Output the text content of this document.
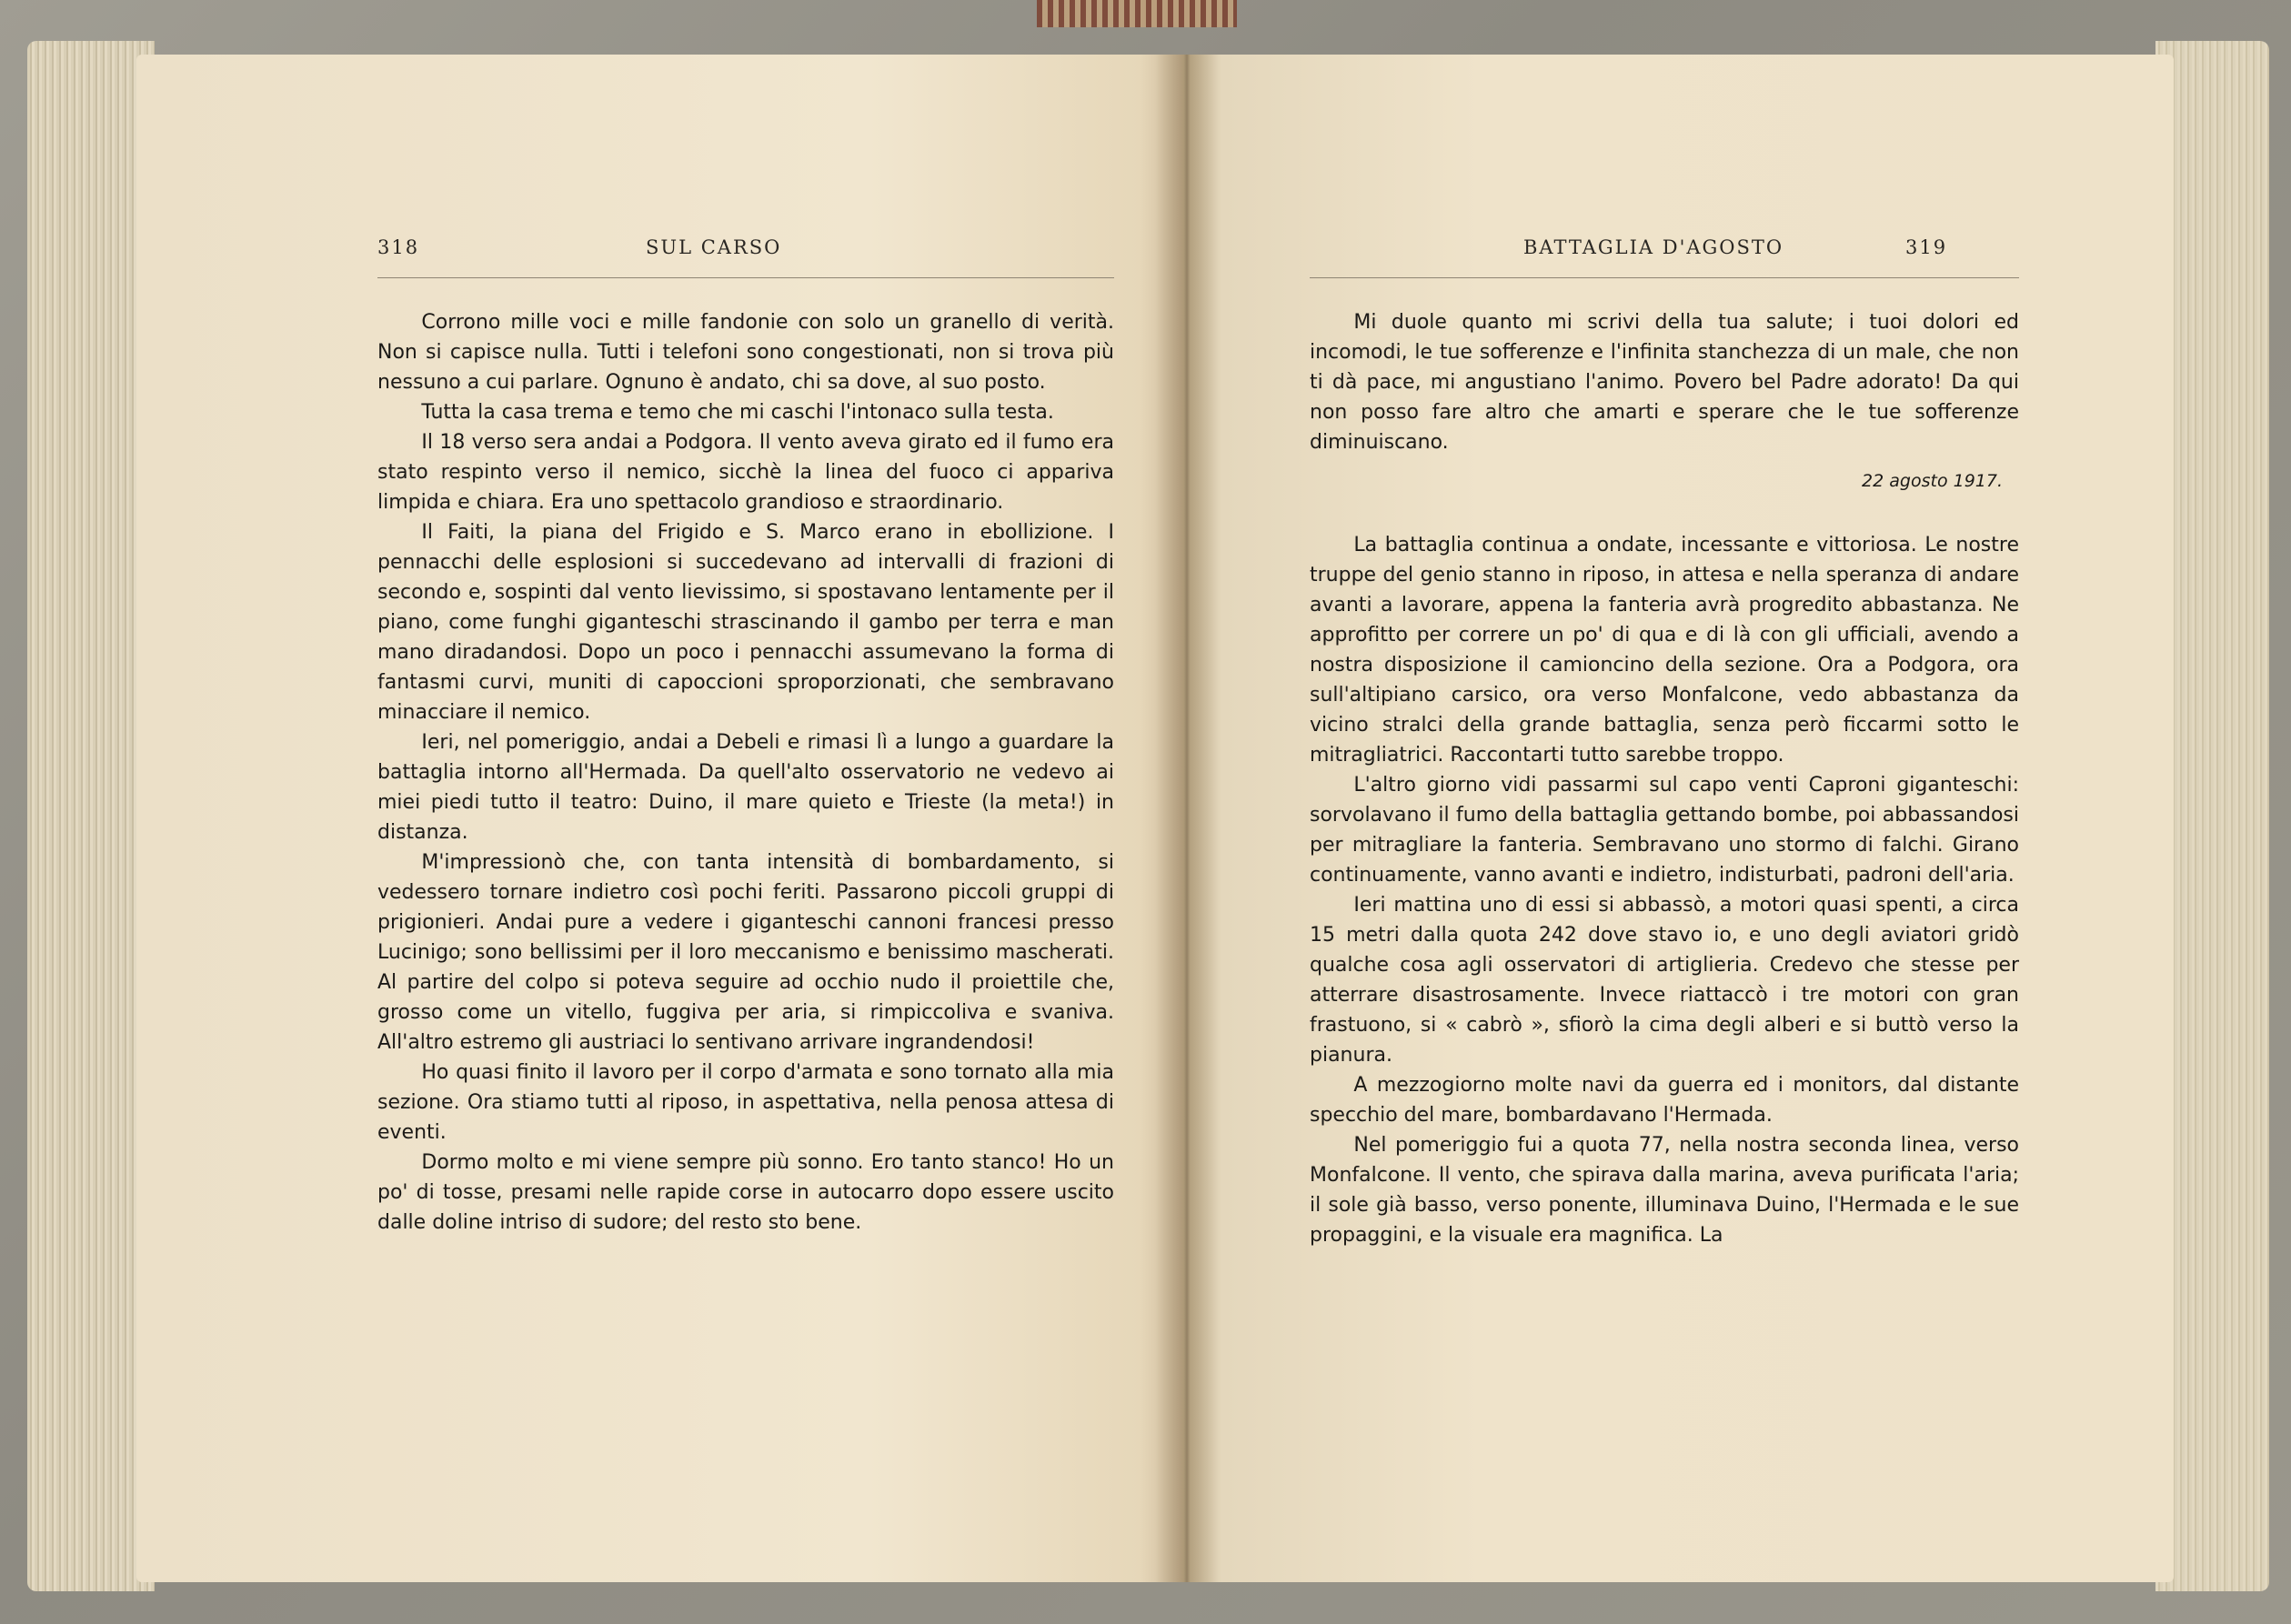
318	SUL CARSO

Corrono mille voci e mille fandonie con solo un granello di verità. Non si capisce nulla. Tutti i telefoni sono congestionati, non si trova più nessuno a cui parlare. Ognuno è andato, chi sa dove, al suo posto.

Tutta la casa trema e temo che mi caschi l'intonaco sulla testa.

Il 18 verso sera andai a Podgora. Il vento aveva girato ed il fumo era stato respinto verso il nemico, sicchè la linea del fuoco ci appariva limpida e chiara. Era uno spettacolo grandioso e straordinario.

Il Faiti, la piana del Frigido e S. Marco erano in ebollizione. I pennacchi delle esplosioni si succedevano ad intervalli di frazioni di secondo e, sospinti dal vento lievissimo, si spostavano lentamente per il piano, come funghi giganteschi strascinando il gambo per terra e man mano diradandosi. Dopo un poco i pennacchi assumevano la forma di fantasmi curvi, muniti di capoccioni sproporzionati, che sembravano minacciare il nemico.

Ieri, nel pomeriggio, andai a Debeli e rimasi lì a lungo a guardare la battaglia intorno all'Hermada. Da quell'alto osservatorio ne vedevo ai miei piedi tutto il teatro: Duino, il mare quieto e Trieste (la meta!) in distanza.

M'impressionò che, con tanta intensità di bombardamento, si vedessero tornare indietro così pochi feriti. Passarono piccoli gruppi di prigionieri. Andai pure a vedere i giganteschi cannoni francesi presso Lucinigo; sono bellissimi per il loro meccanismo e benissimo mascherati. Al partire del colpo si poteva seguire ad occhio nudo il proiettile che, grosso come un vitello, fuggiva per aria, si rimpiccoliva e svaniva. All'altro estremo gli austriaci lo sentivano arrivare ingrandendosi!

Ho quasi finito il lavoro per il corpo d'armata e sono tornato alla mia sezione. Ora stiamo tutti al riposo, in aspettativa, nella penosa attesa di eventi.

Dormo molto e mi viene sempre più sonno. Ero tanto stanco! Ho un po' di tosse, presami nelle rapide corse in autocarro dopo essere uscito dalle doline intriso di sudore; del resto sto bene.

BATTAGLIA D'AGOSTO	319

Mi duole quanto mi scrivi della tua salute; i tuoi dolori ed incomodi, le tue sofferenze e l'infinita stanchezza di un male, che non ti dà pace, mi angustiano l'animo. Povero bel Padre adorato! Da qui non posso fare altro che amarti e sperare che le tue sofferenze diminuiscano.

22 agosto 1917.

La battaglia continua a ondate, incessante e vittoriosa. Le nostre truppe del genio stanno in riposo, in attesa e nella speranza di andare avanti a lavorare, appena la fanteria avrà progredito abbastanza. Ne approfitto per correre un po' di qua e di là con gli ufficiali, avendo a nostra disposizione il camioncino della sezione. Ora a Podgora, ora sull'altipiano carsico, ora verso Monfalcone, vedo abbastanza da vicino stralci della grande battaglia, senza però ficcarmi sotto le mitragliatrici. Raccontarti tutto sarebbe troppo.

L'altro giorno vidi passarmi sul capo venti Caproni giganteschi: sorvolavano il fumo della battaglia gettando bombe, poi abbassandosi per mitragliare la fanteria. Sembravano uno stormo di falchi. Girano continuamente, vanno avanti e indietro, indisturbati, padroni dell'aria.

Ieri mattina uno di essi si abbassò, a motori quasi spenti, a circa 15 metri dalla quota 242 dove stavo io, e uno degli aviatori gridò qualche cosa agli osservatori di artiglieria. Credevo che stesse per atterrare disastrosamente. Invece riattaccò i tre motori con gran frastuono, si « cabrò », sfiorò la cima degli alberi e si buttò verso la pianura.

A mezzogiorno molte navi da guerra ed i monitors, dal distante specchio del mare, bombardavano l'Hermada.

Nel pomeriggio fui a quota 77, nella nostra seconda linea, verso Monfalcone. Il vento, che spirava dalla marina, aveva purificata l'aria; il sole già basso, verso ponente, illuminava Duino, l'Hermada e le sue propaggini, e la visuale era magnifica. La
